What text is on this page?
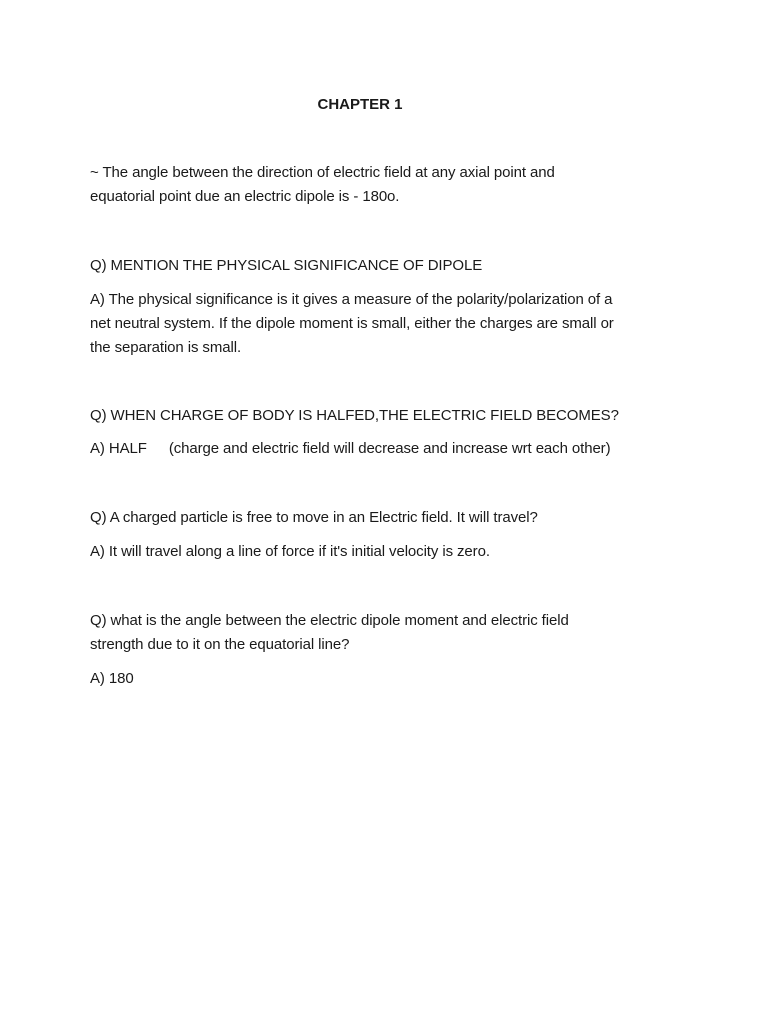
CHAPTER 1
~ The angle between the direction of electric field at any axial point and
equatorial point due an electric dipole is - 180o.
Q) MENTION THE PHYSICAL SIGNIFICANCE OF DIPOLE
A) The physical significance is it gives a measure of the polarity/polarization of a
net neutral system. If the dipole moment is small, either the charges are small or
the separation is small.
Q) WHEN CHARGE OF BODY IS HALFED,THE ELECTRIC FIELD BECOMES?
A) HALF (charge and electric field will decrease and increase wrt each other)
Q) A charged particle is free to move in an Electric field. It will travel?
A) It will travel along a line of force if it's initial velocity is zero.
Q) what is the angle between the electric dipole moment and electric field
strength due to it on the equatorial line?
A) 180
